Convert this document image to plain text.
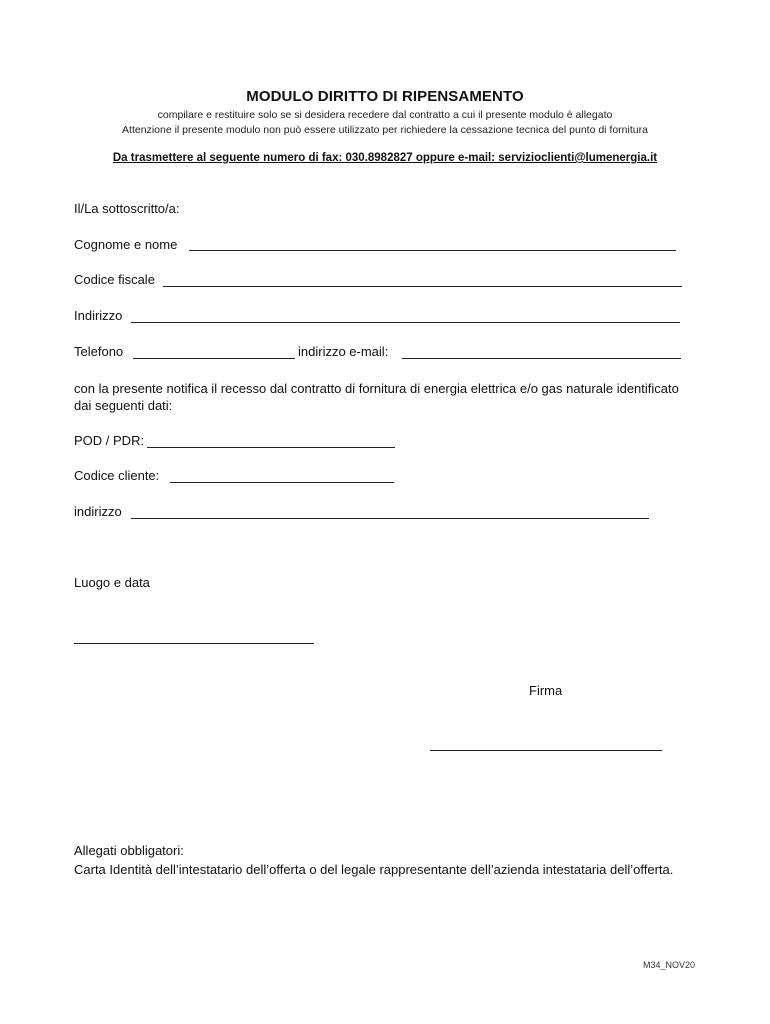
MODULO DIRITTO DI RIPENSAMENTO
compilare e restituire solo se si desidera recedere dal contratto a cui il presente modulo è allegato
Attenzione il presente modulo non può essere utilizzato per richiedere la cessazione tecnica del punto di fornitura
Da trasmettere al seguente numero di fax: 030.8982827 oppure e-mail: servizioclienti@lumenergia.it
Il/La sottoscritto/a:
Cognome e nome
Codice fiscale
Indirizzo
Telefono	indirizzo e-mail:
con la presente notifica il recesso dal contratto di fornitura di energia elettrica e/o gas naturale identificato dai seguenti dati:
POD / PDR:
Codice cliente:
indirizzo
Luogo e data
Firma
Allegati obbligatori:
Carta Identità dell’intestatario dell’offerta o del legale rappresentante dell’azienda intestataria dell’offerta.
M34_NOV20
